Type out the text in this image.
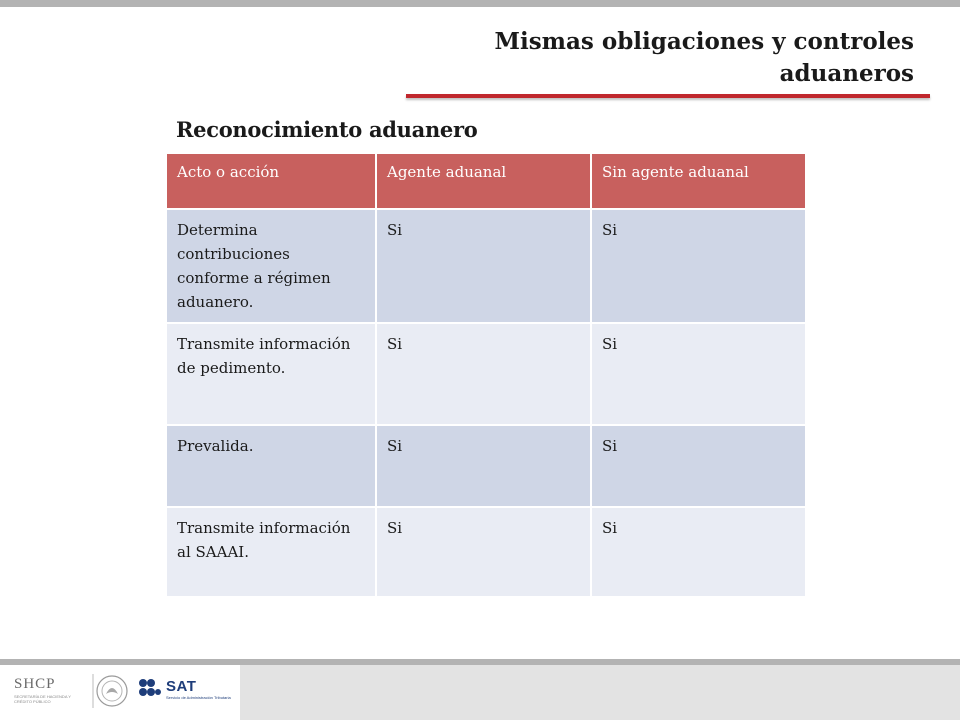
Mismas obligaciones y controles aduaneros
Reconocimiento aduanero
Acto o acción	Agente aduanal	Sin agente aduanal
Determina contribuciones conforme a régimen aduanero.	Si	Si
Transmite información de pedimento.	Si	Si
Prevalida.	Si	Si
Transmite información al SAAAI.	Si	Si
SHCP
SECRETARÍA DE HACIENDA Y CRÉDITO PÚBLICO
SAT
Servicio de Administración Tributaria
